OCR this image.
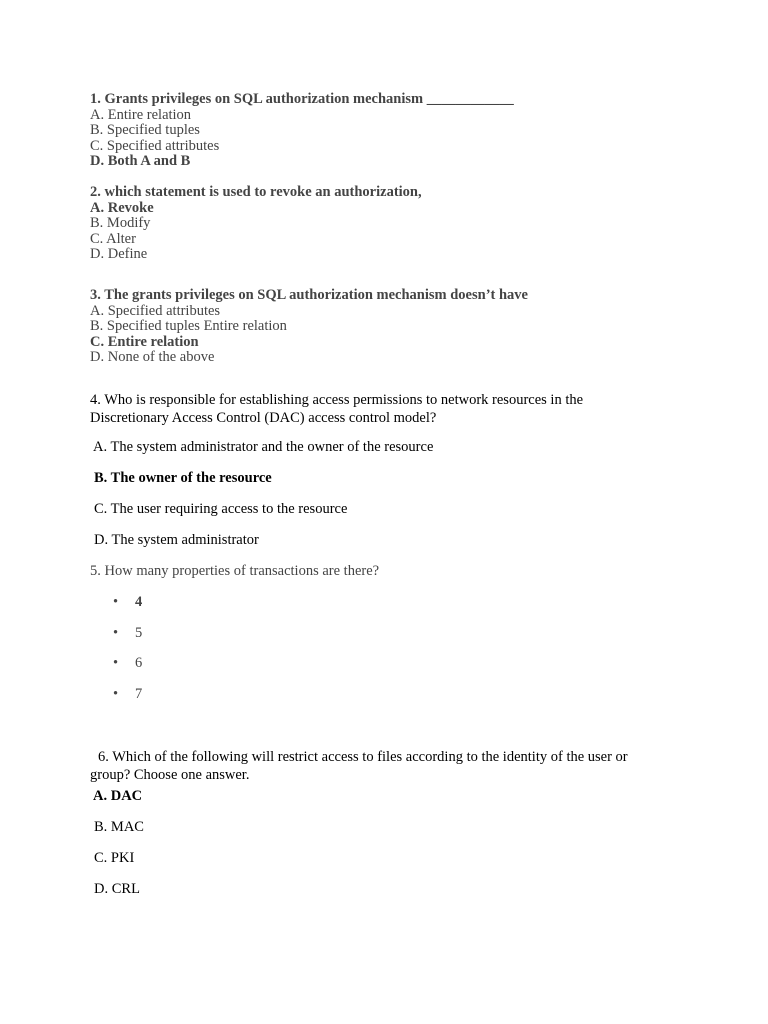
1. Grants privileges on SQL authorization mechanism ____________
A. Entire relation
B. Specified tuples
C. Specified attributes
D. Both A and B
2. which statement is used to revoke an authorization,
A. Revoke
B. Modify
C. Alter
D. Define
3. The grants privileges on SQL authorization mechanism doesn’t have
A. Specified attributes
B. Specified tuples Entire relation
C. Entire relation
D. None of the above
4. Who is responsible for establishing access permissions to network resources in the Discretionary Access Control (DAC) access control model?
A. The system administrator and the owner of the resource
B. The owner of the resource
C. The user requiring access to the resource
D. The system administrator
5. How many properties of transactions are there?
• 4
• 5
• 6
• 7
6. Which of the following will restrict access to files according to the identity of the user or group? Choose one answer.
A. DAC
B. MAC
C. PKI
D. CRL
